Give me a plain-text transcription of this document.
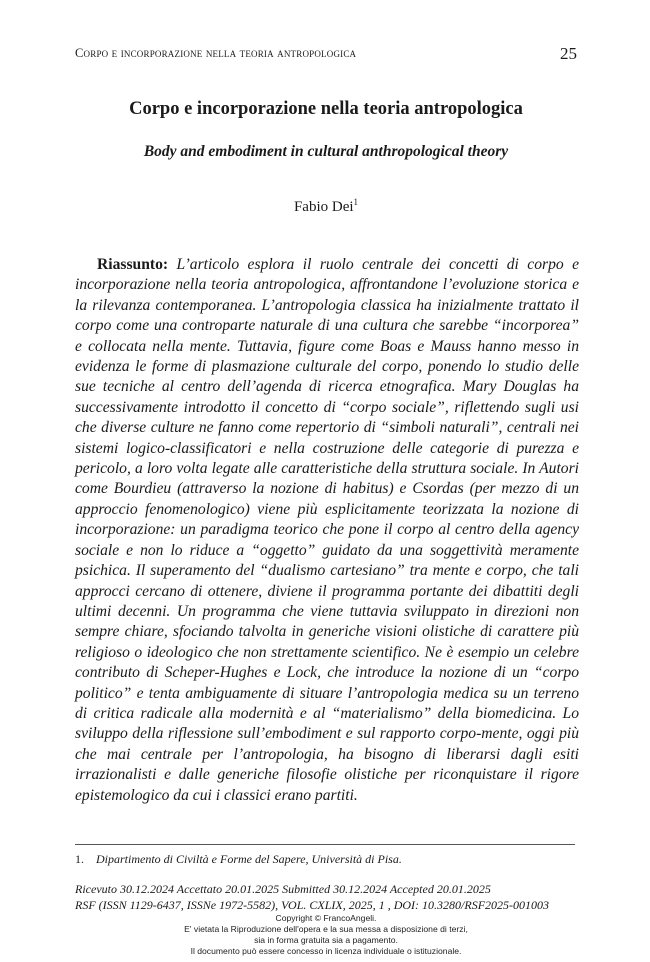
Corpo e incorporazione nella teoria antropologica	25
Corpo e incorporazione nella teoria antropologica
Body and embodiment in cultural anthropological theory
Fabio Dei$^1$
Riassunto: L’articolo esplora il ruolo centrale dei concetti di corpo e incorporazione nella teoria antropologica, affrontandone l’evoluzione storica e la rilevanza contemporanea. L’antropologia classica ha inizialmente trattato il corpo come una controparte naturale di una cultura che sarebbe “incorporea” e collocata nella mente. Tuttavia, figure come Boas e Mauss hanno messo in evidenza le forme di plasmazione culturale del corpo, ponendo lo studio delle sue tecniche al centro dell’agenda di ricerca etnografica. Mary Douglas ha successivamente introdotto il concetto di “corpo sociale”, riflettendo sugli usi che diverse culture ne fanno come repertorio di “simboli naturali”, centrali nei sistemi logico-classificatori e nella costruzione delle categorie di purezza e pericolo, a loro volta legate alle caratteristiche della struttura sociale. In Autori come Bourdieu (attraverso la nozione di habitus) e Csordas (per mezzo di un approccio fenomenologico) viene più esplicitamente teorizzata la nozione di incorporazione: un paradigma teorico che pone il corpo al centro della agency sociale e non lo riduce a “oggetto” guidato da una soggettività meramente psichica. Il superamento del “dualismo cartesiano” tra mente e corpo, che tali approcci cercano di ottenere, diviene il programma portante dei dibattiti degli ultimi decenni. Un programma che viene tuttavia sviluppato in direzioni non sempre chiare, sfociando talvolta in generiche visioni olistiche di carattere più religioso o ideologico che non strettamente scientifico. Ne è esempio un celebre contributo di Scheper-Hughes e Lock, che introduce la nozione di un “corpo politico” e tenta ambiguamente di situare l’antropologia medica su un terreno di critica radicale alla modernità e al “materialismo” della biomedicina. Lo sviluppo della riflessione sull’embodiment e sul rapporto corpo-mente, oggi più che mai centrale per l’antropologia, ha bisogno di liberarsi dagli esiti irrazionalisti e dalle generiche filosofie olistiche per riconquistare il rigore epistemologico da cui i classici erano partiti.
1. Dipartimento di Civiltà e Forme del Sapere, Università di Pisa.
Ricevuto 30.12.2024 Accettato 20.01.2025 Submitted 30.12.2024 Accepted 20.01.2025
RSF (ISSN 1129-6437, ISSNe 1972-5582), VOL. CXLIX, 2025, 1 , DOI: 10.3280/RSF2025-001003
Copyright © FrancoAngeli.
E' vietata la Riproduzione dell'opera e la sua messa a disposizione di terzi,
sia in forma gratuita sia a pagamento.
Il documento può essere concesso in licenza individuale o istituzionale.
